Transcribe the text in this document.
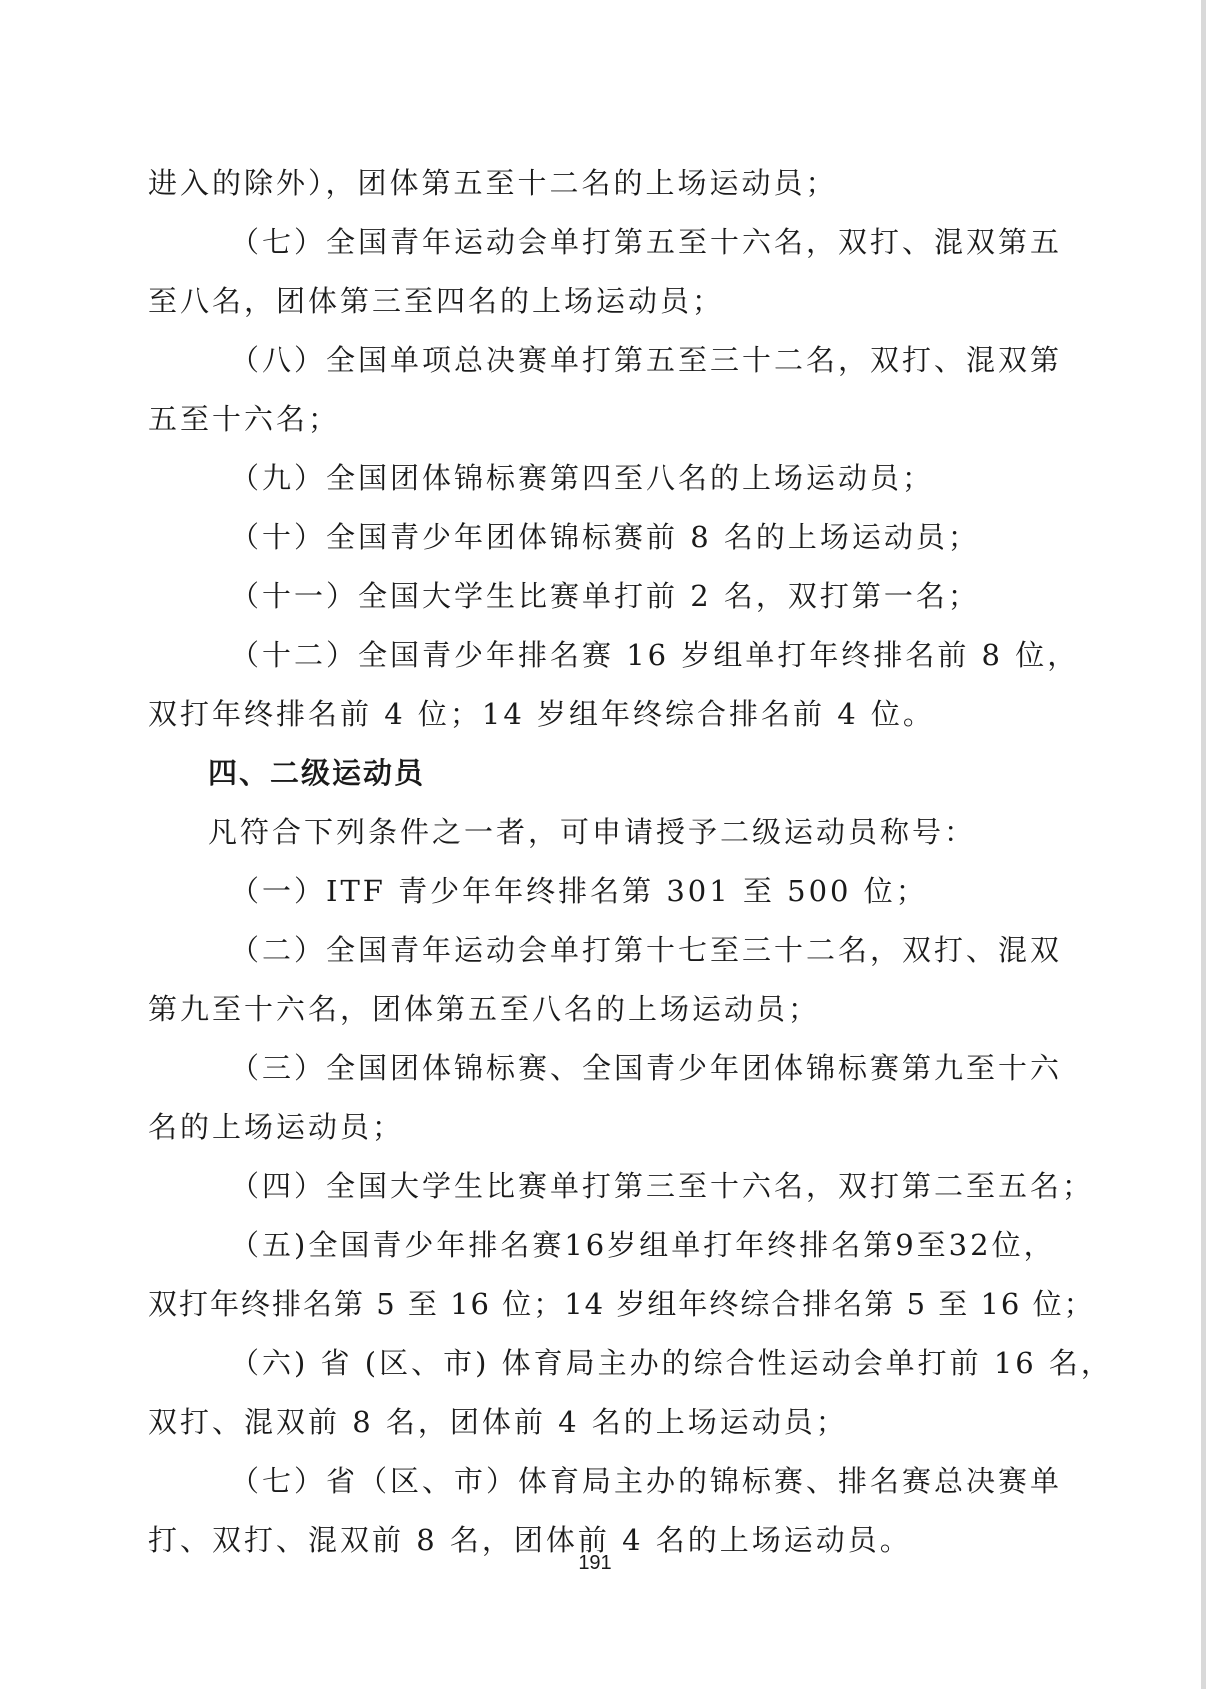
进入的除外），团体第五至十二名的上场运动员；
（七）全国青年运动会单打第五至十六名，双打、混双第五
至八名，团体第三至四名的上场运动员；
（八）全国单项总决赛单打第五至三十二名，双打、混双第
五至十六名；
（九）全国团体锦标赛第四至八名的上场运动员；
（十）全国青少年团体锦标赛前 8 名的上场运动员；
（十一）全国大学生比赛单打前 2 名，双打第一名；
（十二）全国青少年排名赛 16 岁组单打年终排名前 8 位，
双打年终排名前 4 位；14 岁组年终综合排名前 4 位。
四、二级运动员
凡符合下列条件之一者，可申请授予二级运动员称号：
（一）ITF 青少年年终排名第 301 至 500 位；
（二）全国青年运动会单打第十七至三十二名，双打、混双
第九至十六名，团体第五至八名的上场运动员；
（三）全国团体锦标赛、全国青少年团体锦标赛第九至十六
名的上场运动员；
（四）全国大学生比赛单打第三至十六名，双打第二至五名；
（五)全国青少年排名赛16岁组单打年终排名第9至32位，
双打年终排名第 5 至 16 位；14 岁组年终综合排名第 5 至 16 位；
（六) 省 (区、市) 体育局主办的综合性运动会单打前 16 名，
双打、混双前 8 名，团体前 4 名的上场运动员；
（七）省（区、市）体育局主办的锦标赛、排名赛总决赛单
打、双打、混双前 8 名，团体前 4 名的上场运动员。
191
